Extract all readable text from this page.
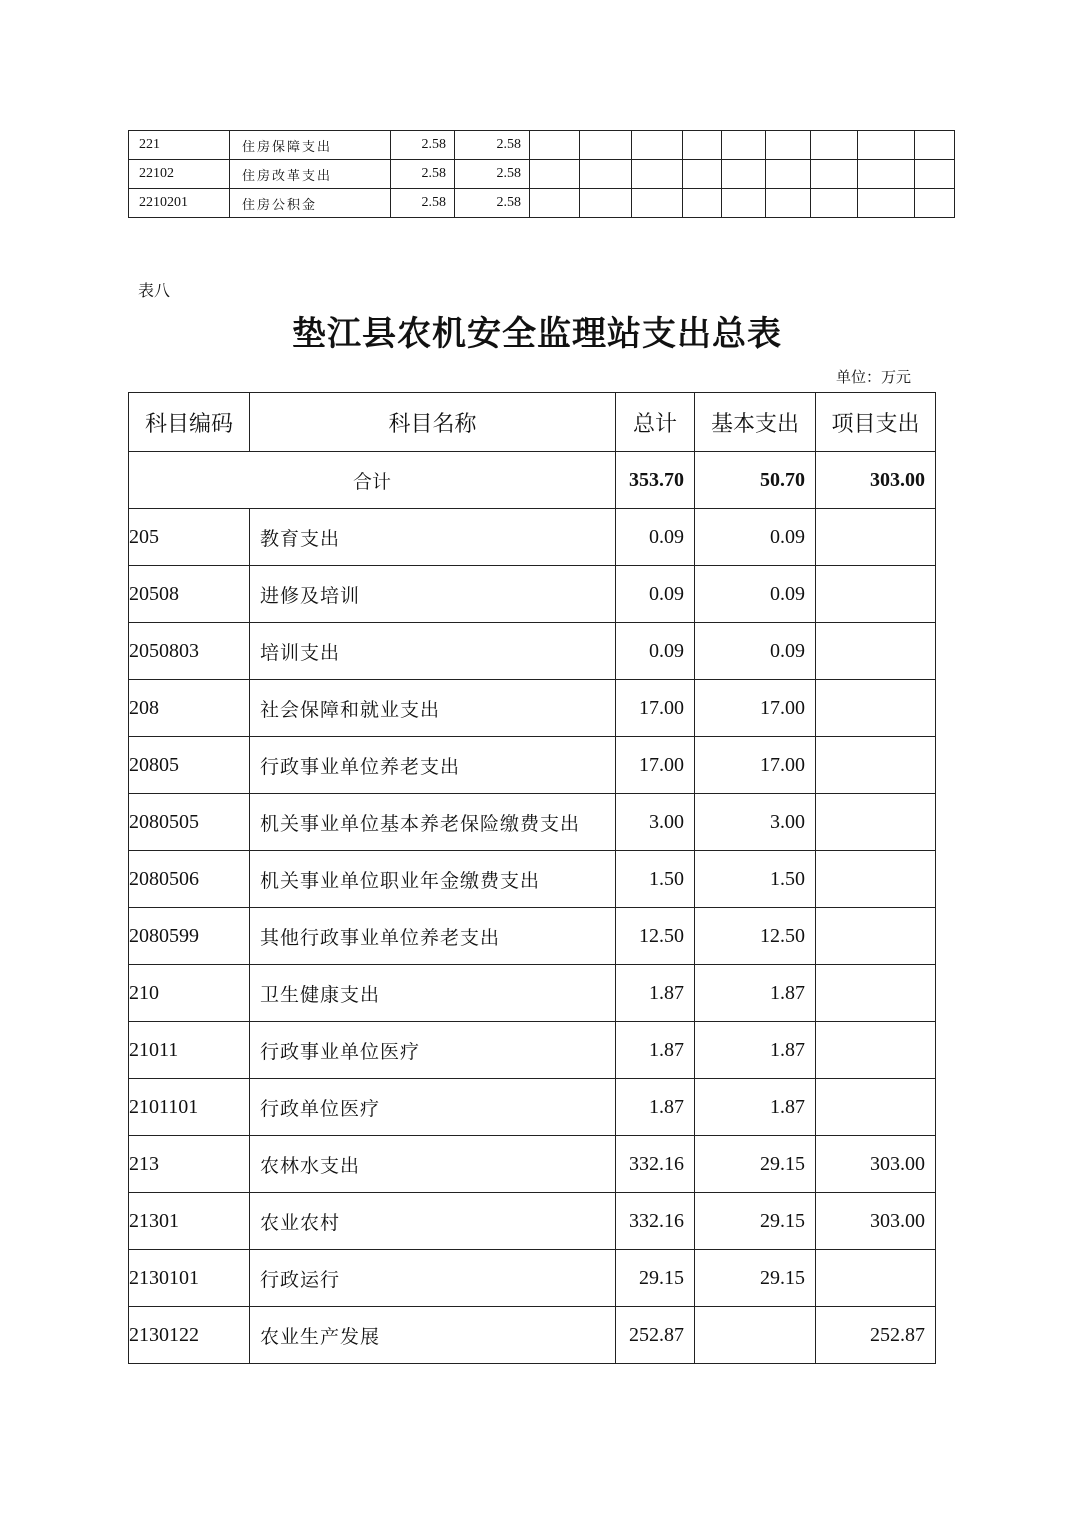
221	住房保障支出	2.58	2.58									
22102	住房改革支出	2.58	2.58									
2210201	住房公积金	2.58	2.58									
表八
垫江县农机安全监理站支出总表
单位：万元
科目编码	科目名称	总计	基本支出	项目支出
合计		353.70	50.70	303.00
205	教育支出	0.09	0.09	
20508	进修及培训	0.09	0.09	
2050803	培训支出	0.09	0.09	
208	社会保障和就业支出	17.00	17.00	
20805	行政事业单位养老支出	17.00	17.00	
2080505	机关事业单位基本养老保险缴费支出	3.00	3.00	
2080506	机关事业单位职业年金缴费支出	1.50	1.50	
2080599	其他行政事业单位养老支出	12.50	12.50	
210	卫生健康支出	1.87	1.87	
21011	行政事业单位医疗	1.87	1.87	
2101101	行政单位医疗	1.87	1.87	
213	农林水支出	332.16	29.15	303.00
21301	农业农村	332.16	29.15	303.00
2130101	行政运行	29.15	29.15	
2130122	农业生产发展	252.87		252.87
